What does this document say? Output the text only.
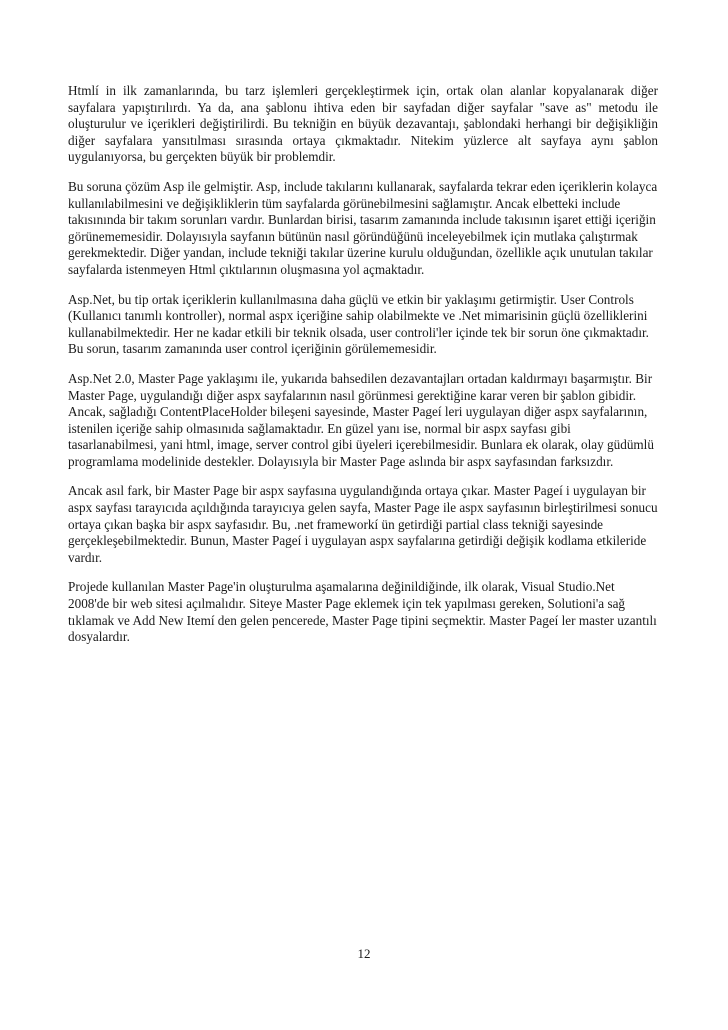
Htmlí in ilk zamanlarında, bu tarz işlemleri gerçekleştirmek için, ortak olan alanlar kopyalanarak diğer sayfalara yapıştırılırdı. Ya da, ana şablonu ihtiva eden bir sayfadan diğer sayfalar "save as" metodu ile oluşturulur ve içerikleri değiştirilirdi. Bu tekniğin en büyük dezavantajı, şablondaki herhangi bir değişikliğin diğer sayfalara yansıtılması sırasında ortaya çıkmaktadır. Nitekim yüzlerce alt sayfaya aynı şablon uygulanıyorsa, bu gerçekten büyük bir problemdir.

Bu soruna çözüm Asp ile gelmiştir. Asp, include takılarını kullanarak, sayfalarda tekrar eden içeriklerin kolayca kullanılabilmesini ve değişikliklerin tüm sayfalarda görünebilmesini sağlamıştır. Ancak elbetteki include takısınında bir takım sorunları vardır. Bunlardan birisi, tasarım zamanında include takısının işaret ettiği içeriğin görünememesidir. Dolayısıyla sayfanın bütünün nasıl göründüğünü inceleyebilmek için mutlaka çalıştırmak gerekmektedir. Diğer yandan, include tekniği takılar üzerine kurulu olduğundan, özellikle açık unutulan takılar sayfalarda istenmeyen Html çıktılarının oluşmasına yol açmaktadır.

Asp.Net, bu tip ortak içeriklerin kullanılmasına daha güçlü ve etkin bir yaklaşımı getirmiştir. User Controls (Kullanıcı tanımlı kontroller), normal aspx içeriğine sahip olabilmekte ve .Net mimarisinin güçlü özelliklerini kullanabilmektedir. Her ne kadar etkili bir teknik olsada, user controli'ler içinde tek bir sorun öne çıkmaktadır. Bu sorun, tasarım zamanında user control içeriğinin görülememesidir.

Asp.Net 2.0, Master Page yaklaşımı ile, yukarıda bahsedilen dezavantajları ortadan kaldırmayı başarmıştır. Bir Master Page, uygulandığı diğer aspx sayfalarının nasıl görünmesi gerektiğine karar veren bir şablon gibidir. Ancak, sağladığı ContentPlaceHolder bileşeni sayesinde, Master Pageí leri uygulayan diğer aspx sayfalarının, istenilen içeriğe sahip olmasınıda sağlamaktadır. En güzel yanı ise, normal bir aspx sayfası gibi tasarlanabilmesi, yani html, image, server control gibi üyeleri içerebilmesidir. Bunlara ek olarak, olay güdümlü programlama modelinide destekler. Dolayısıyla bir Master Page aslında bir aspx sayfasından farksızdır.

Ancak asıl fark, bir Master Page bir aspx sayfasına uygulandığında ortaya çıkar. Master Pageí i uygulayan bir aspx sayfası tarayıcıda açıldığında tarayıcıya gelen sayfa, Master Page ile aspx sayfasının birleştirilmesi sonucu ortaya çıkan başka bir aspx sayfasıdır. Bu, .net frameworkí ün getirdiği partial class tekniği sayesinde gerçekleşebilmektedir. Bunun, Master Pageí i uygulayan aspx sayfalarına getirdiği değişik kodlama etkileride vardır.

Projede kullanılan Master Page'in oluşturulma aşamalarına değinildiğinde, ilk olarak, Visual Studio.Net 2008'de bir web sitesi açılmalıdır. Siteye Master Page eklemek için tek yapılması gereken, Solutioni'a sağ tıklamak ve Add New Itemí den gelen pencerede, Master Page tipini seçmektir. Master Pageí ler master uzantılı dosyalardır.

12
